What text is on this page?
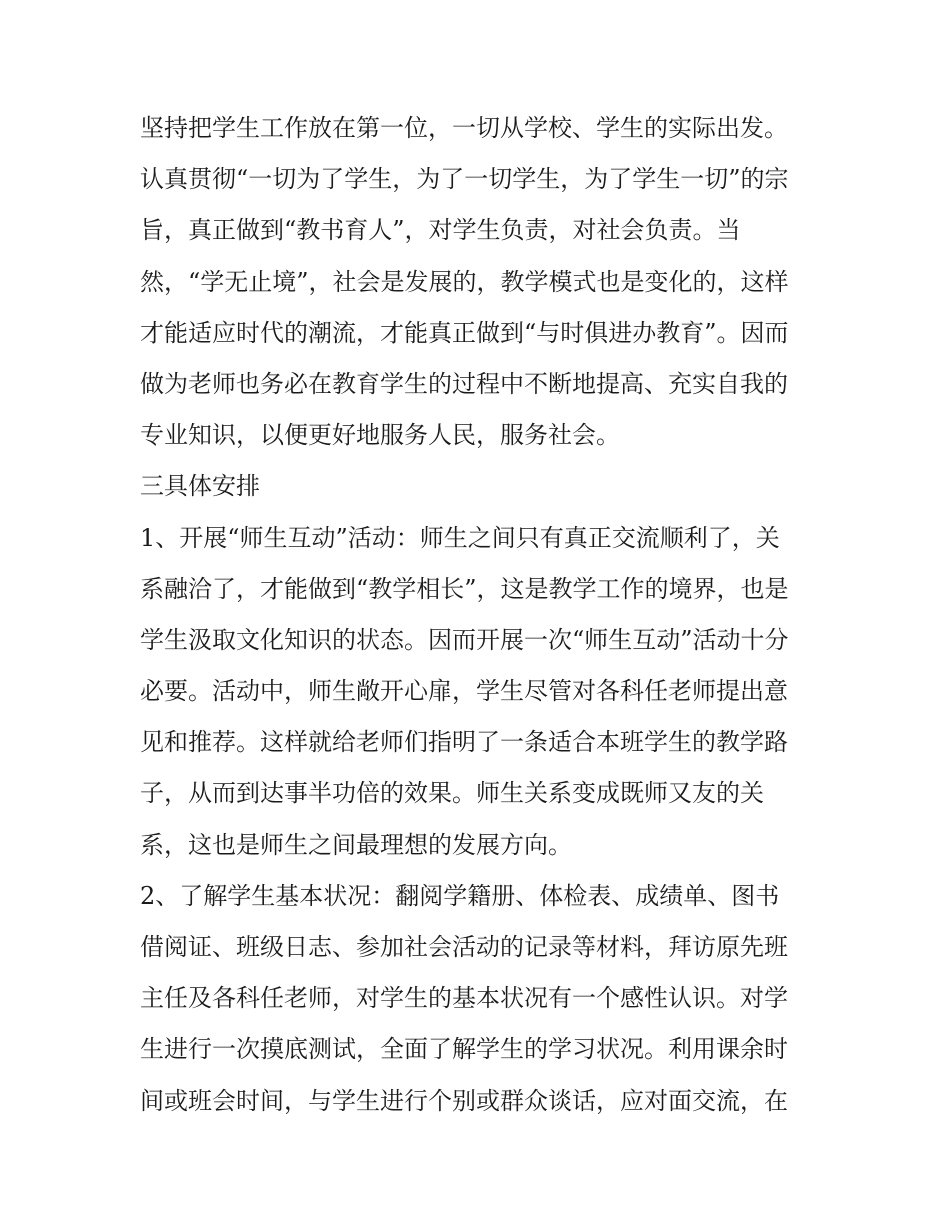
坚持把学生工作放在第一位，一切从学校、学生的实际出发。
认真贯彻“一切为了学生，为了一切学生，为了学生一切”的宗
旨，真正做到“教书育人”，对学生负责，对社会负责。当
然，“学无止境”，社会是发展的，教学模式也是变化的，这样
才能适应时代的潮流，才能真正做到“与时俱进办教育”。因而
做为老师也务必在教育学生的过程中不断地提高、充实自我的
专业知识，以便更好地服务人民，服务社会。
三具体安排
1、开展“师生互动”活动：师生之间只有真正交流顺利了，关
系融洽了，才能做到“教学相长”，这是教学工作的境界，也是
学生汲取文化知识的状态。因而开展一次“师生互动”活动十分
必要。活动中，师生敞开心扉，学生尽管对各科任老师提出意
见和推荐。这样就给老师们指明了一条适合本班学生的教学路
子，从而到达事半功倍的效果。师生关系变成既师又友的关
系，这也是师生之间最理想的发展方向。
2、了解学生基本状况：翻阅学籍册、体检表、成绩单、图书
借阅证、班级日志、参加社会活动的记录等材料，拜访原先班
主任及各科任老师，对学生的基本状况有一个感性认识。对学
生进行一次摸底测试，全面了解学生的学习状况。利用课余时
间或班会时间，与学生进行个别或群众谈话，应对面交流，在
